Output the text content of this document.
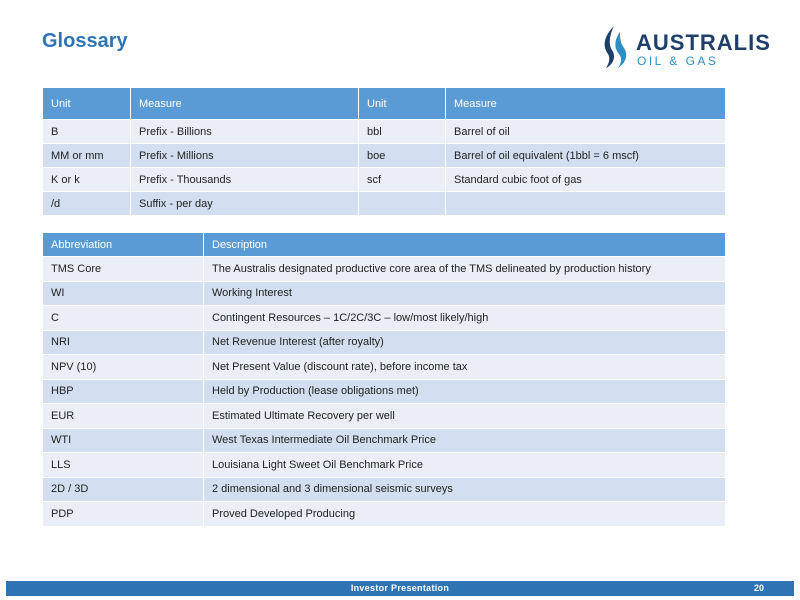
Glossary	AUSTRALIS
OIL & GAS
Unit	Measure	Unit	Measure
B	Prefix - Billions	bbl	Barrel of oil
MM or mm	Prefix - Millions	boe	Barrel of oil equivalent (1bbl = 6 mscf)
K or k	Prefix - Thousands	scf	Standard cubic foot of gas
/d	Suffix - per day		
Abbreviation	Description
TMS Core	The Australis designated productive core area of the TMS delineated by production history
WI	Working Interest
C	Contingent Resources – 1C/2C/3C – low/most likely/high
NRI	Net Revenue Interest (after royalty)
NPV (10)	Net Present Value (discount rate), before income tax
HBP	Held by Production (lease obligations met)
EUR	Estimated Ultimate Recovery per well
WTI	West Texas Intermediate Oil Benchmark Price
LLS	Louisiana Light Sweet Oil Benchmark Price
2D / 3D	2 dimensional and 3 dimensional seismic surveys
PDP	Proved Developed Producing
Investor Presentation	20
